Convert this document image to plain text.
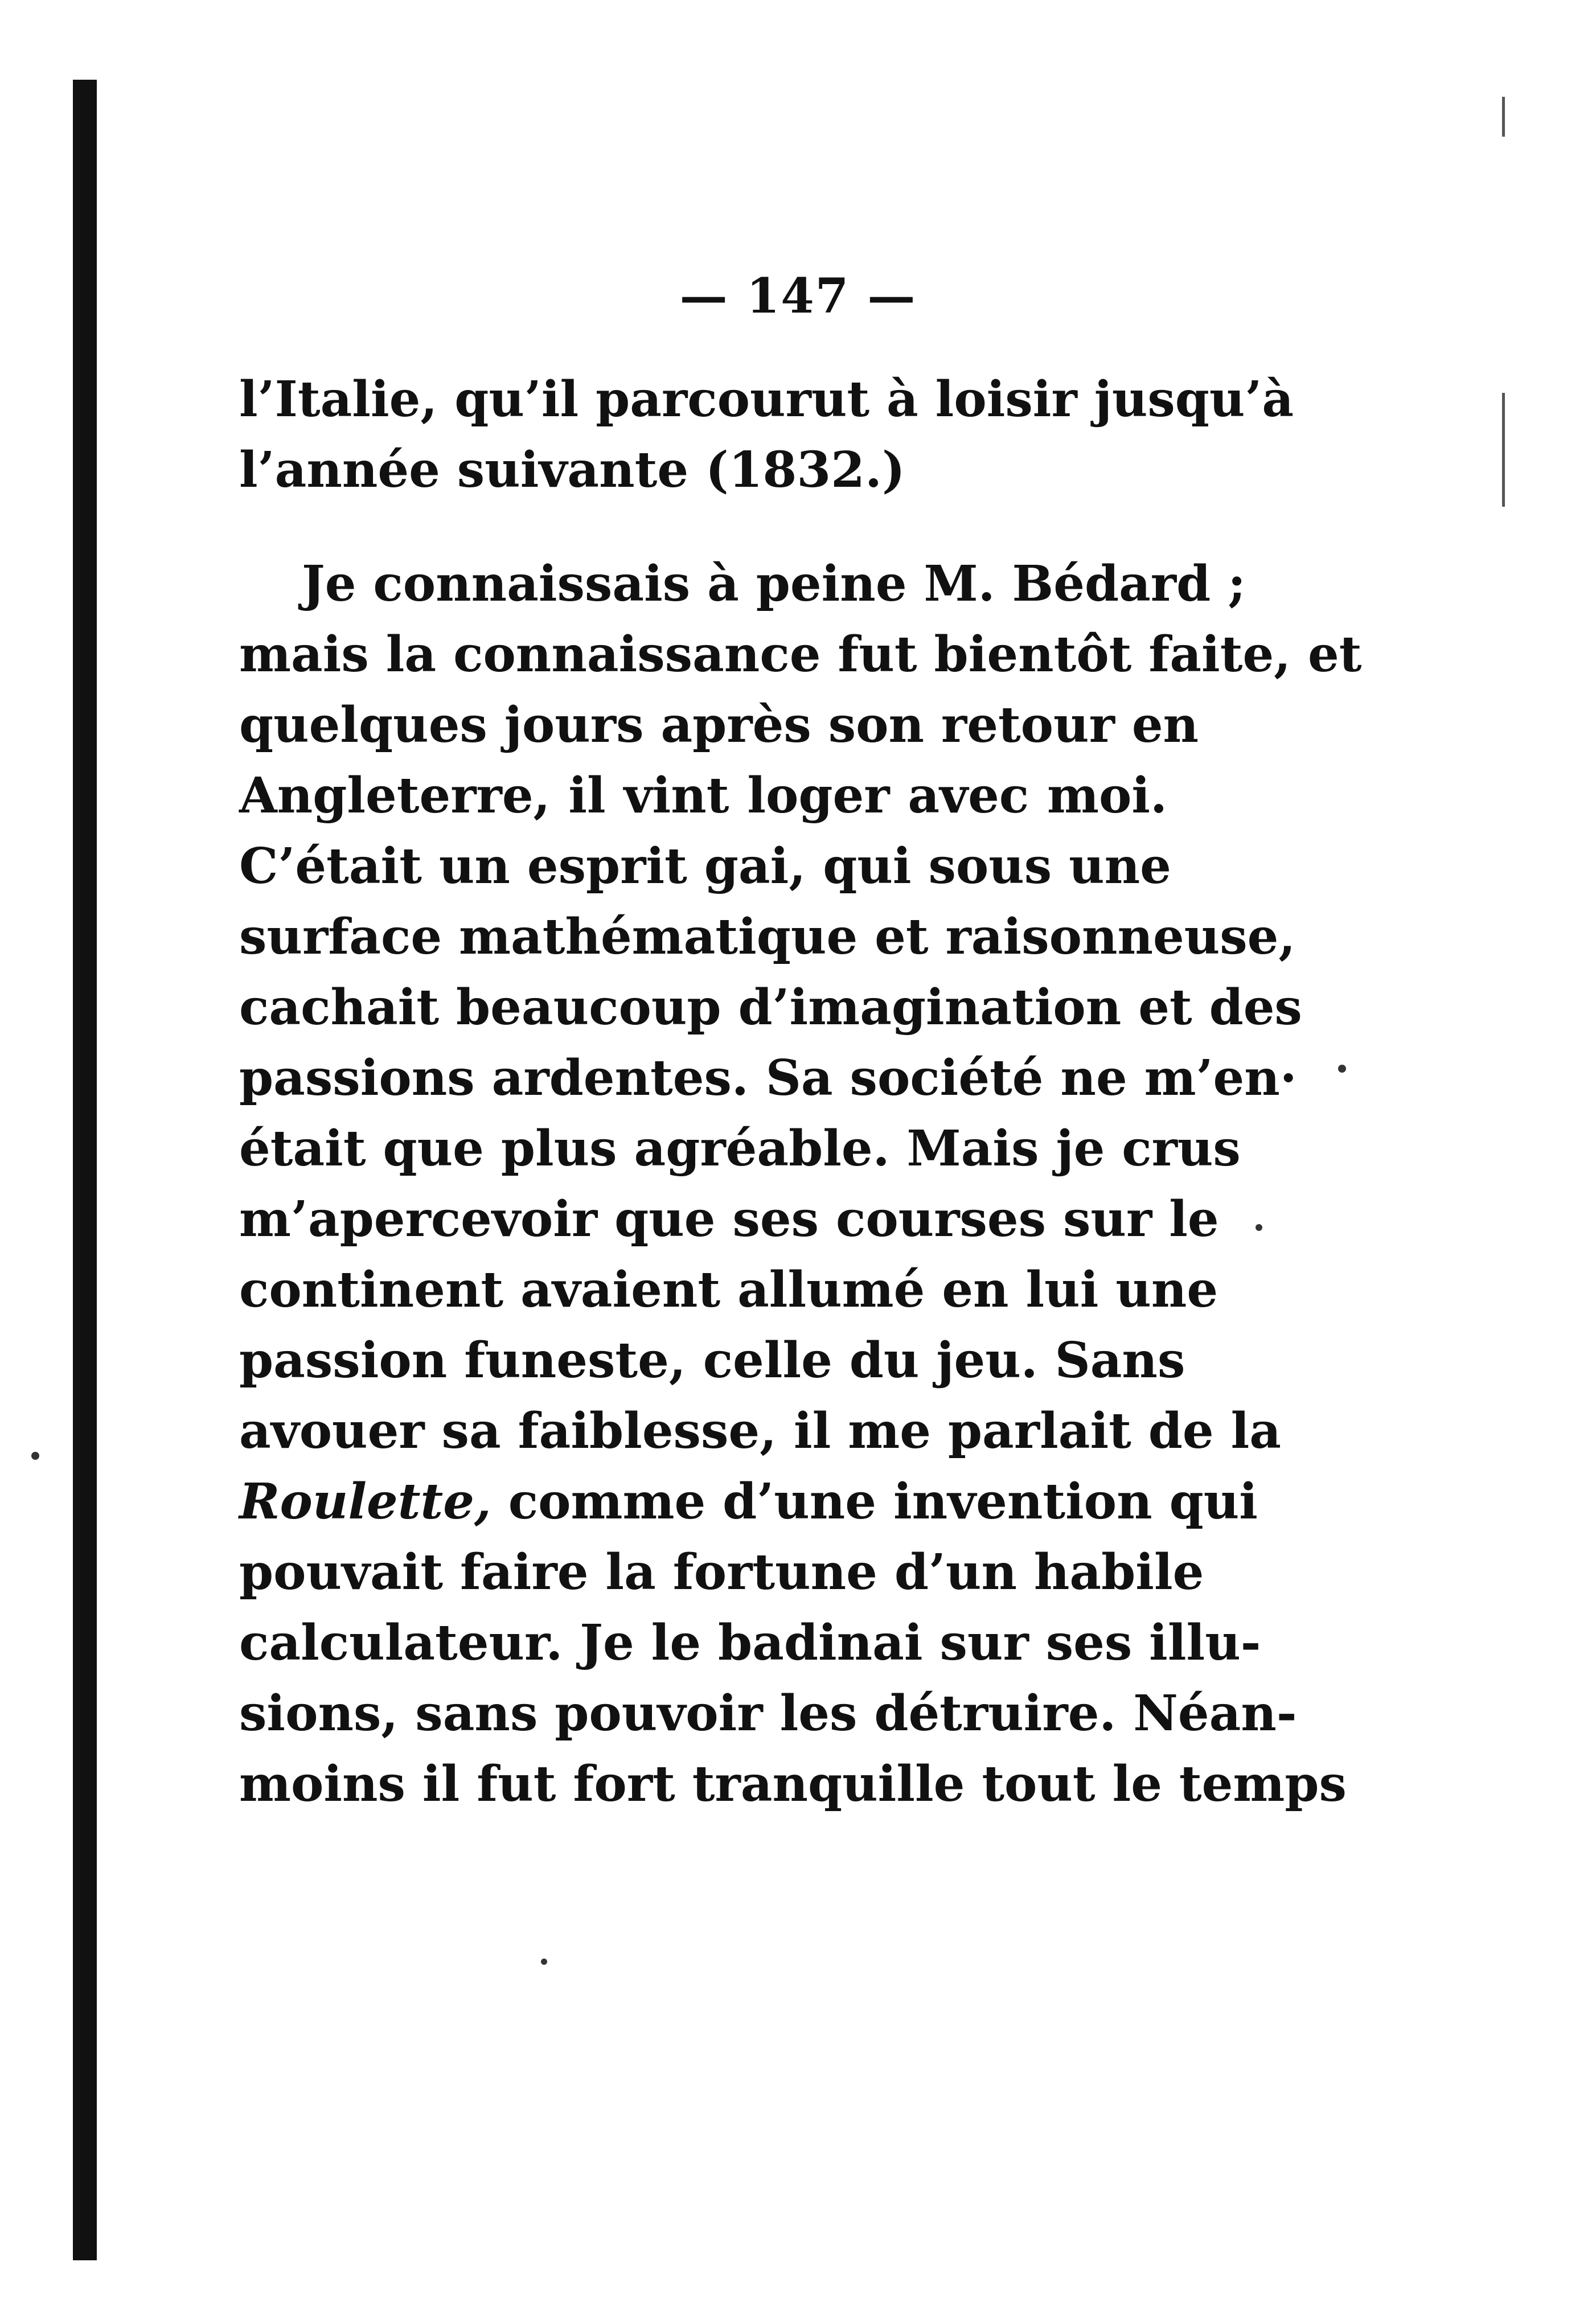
— 147 —
l’Italie, qu’il parcourut à loisir jusqu’à
l’année suivante (1832.)
Je connaissais à peine M. Bédard ;
mais la connaissance fut bientôt faite, et
quelques jours après son retour en
Angleterre, il vint loger avec moi.
C’était un esprit gai, qui sous une
surface mathématique et raisonneuse,
cachait beaucoup d’imagination et des
passions ardentes. Sa société ne m’en·
était que plus agréable. Mais je crus
m’apercevoir que ses courses sur le
continent avaient allumé en lui une
passion funeste, celle du jeu. Sans
avouer sa faiblesse, il me parlait de la
Roulette, comme d’une invention qui
pouvait faire la fortune d’un habile
calculateur. Je le badinai sur ses illu-
sions, sans pouvoir les détruire. Néan-
moins il fut fort tranquille tout le temps
